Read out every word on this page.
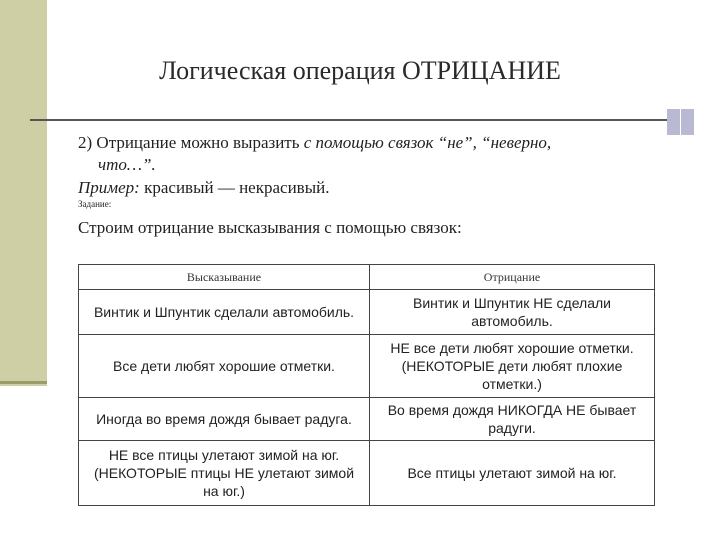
Логическая операция ОТРИЦАНИЕ
2) Отрицание можно выразить с помощью связок “не”, “неверно,
что…”.
Пример: красивый — некрасивый.
Задание:
Строим отрицание высказывания с помощью связок:
Высказывание	Отрицание
Винтик и Шпунтик сделали автомобиль.	Винтик и Шпунтик НЕ сделали автомобиль.
Все дети любят хорошие отметки.	НЕ все дети любят хорошие отметки. (НЕКОТОРЫЕ дети любят плохие отметки.)
Иногда во время дождя бывает радуга.	Во время дождя НИКОГДА НЕ бывает радуги.
НЕ все птицы улетают зимой на юг. (НЕКОТОРЫЕ птицы НЕ улетают зимой на юг.)	Все птицы улетают зимой на юг.
